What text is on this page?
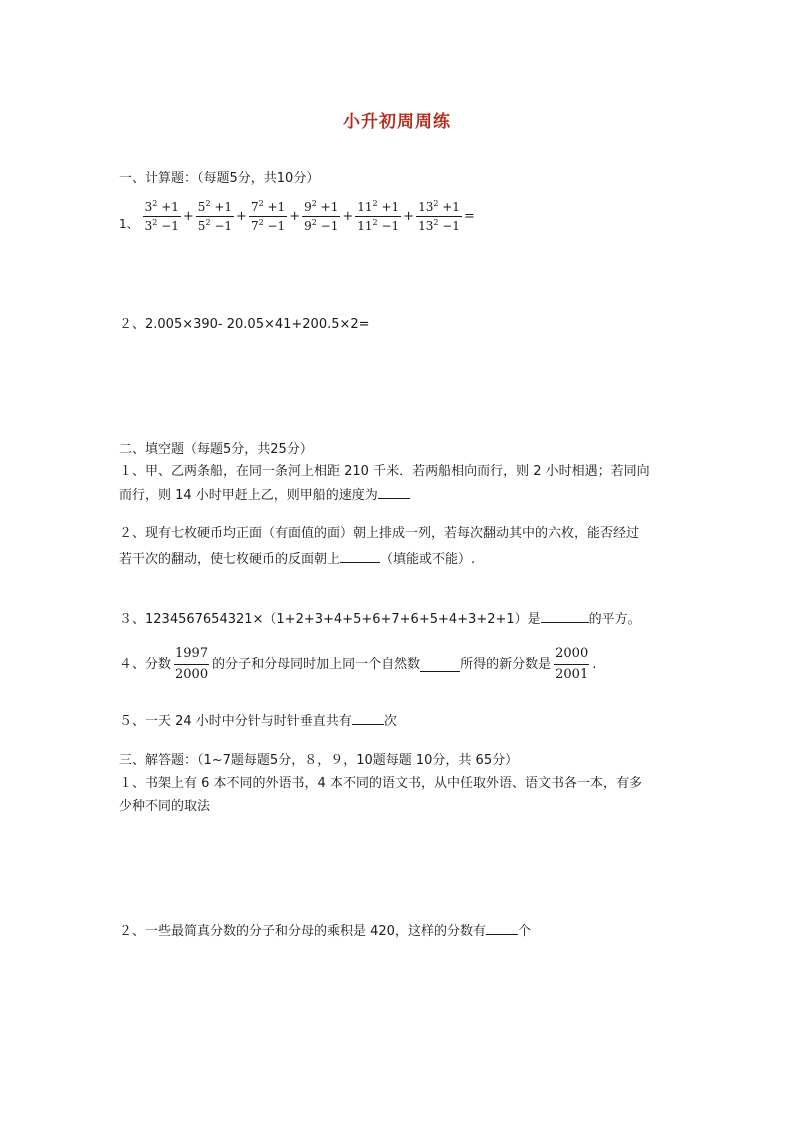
小升初周周练
一、计算题：（每题5分，共10分）
1、 $\frac{3^2 +1}{3^2 -1} + \frac{5^2 +1}{5^2 -1} + \frac{7^2 +1}{7^2 -1} + \frac{9^2 +1}{9^2 -1} + \frac{11^2 +1}{11^2 -1} + \frac{13^2 +1}{13^2 -1}$ =
２、2.005×390- 20.05×41+200.5×2=
二、填空题（每题5分，共25分）
１、甲、乙两条船，在同一条河上相距 210 千米．若两船相向而行，则 2 小时相遇；若同向
而行，则 14 小时甲赶上乙，则甲船的速度为
２、现有七枚硬币均正面（有面值的面）朝上排成一列，若每次翻动其中的六枚，能否经过
若干次的翻动，使七枚硬币的反面朝上	（填能或不能）.
３、1234567654321×（1+2+3+4+5+6+7+6+5+4+3+2+1）是	的平方。
４、分数 $\frac{1997}{2000}$ 的分子和分母同时加上同一个自然数	所得的新分数是 $\frac{2000}{2001}$ .
５、一天 24 小时中分针与时针垂直共有 次
三、解答题：（1~7题每题5分，８，９，10题每题 10分，共 65分）
１、书架上有 6 本不同的外语书，4 本不同的语文书，从中任取外语、语文书各一本，有多
少种不同的取法
２、一些最简真分数的分子和分母的乘积是 420，这样的分数有 个
